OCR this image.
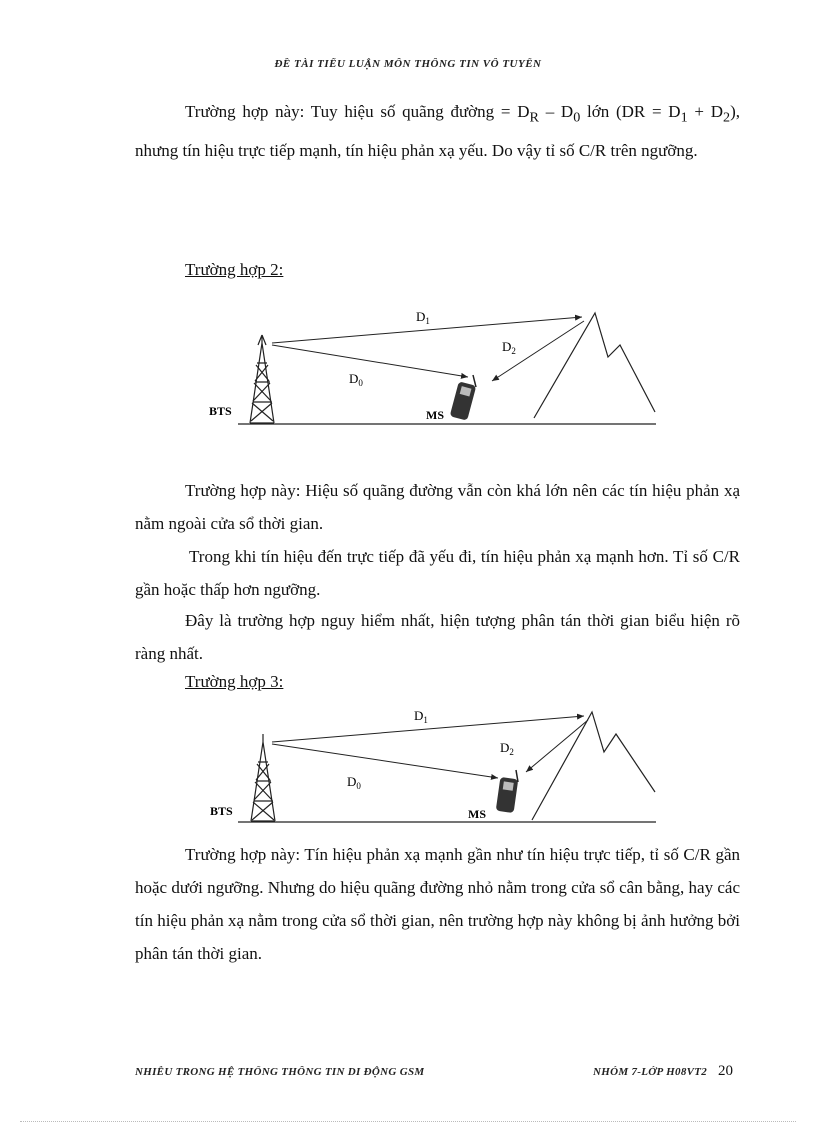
ĐỀ TÀI TIỂU LUẬN MÔN THÔNG TIN VÔ TUYẾN

Trường hợp này: Tuy hiệu số quãng đường = $D_R - D_0$ lớn $(DR = D_1 + D_2)$, nhưng tín hiệu trực tiếp mạnh, tín hiệu phản xạ yếu. Do vậy tỉ số C/R trên ngưỡng.

Trường hợp 2:
BTS	MS
$D_1$
$D_2$
$D_0$

Trường hợp này: Hiệu số quãng đường vẫn còn khá lớn nên các tín hiệu phản xạ nằm ngoài cửa sổ thời gian.

Trong khi tín hiệu đến trực tiếp đã yếu đi, tín hiệu phản xạ mạnh hơn. Tỉ số C/R gần hoặc thấp hơn ngưỡng.

Đây là trường hợp nguy hiểm nhất, hiện tượng phân tán thời gian biểu hiện rõ ràng nhất.

Trường hợp 3:
BTS	MS
$D_1$
$D_2$
$D_0$

Trường hợp này: Tín hiệu phản xạ mạnh gần như tín hiệu trực tiếp, tỉ số C/R gần hoặc dưới ngưỡng. Nhưng do hiệu quãng đường nhỏ nằm trong cửa sổ cân bằng, hay các tín hiệu phản xạ nằm trong cửa sổ thời gian, nên trường hợp này không bị ảnh hưởng bởi phân tán thời gian.

NHIỄU TRONG HỆ THỐNG THÔNG TIN DI ĐỘNG GSM	NHÓM 7-LỚP H08VT2 20
